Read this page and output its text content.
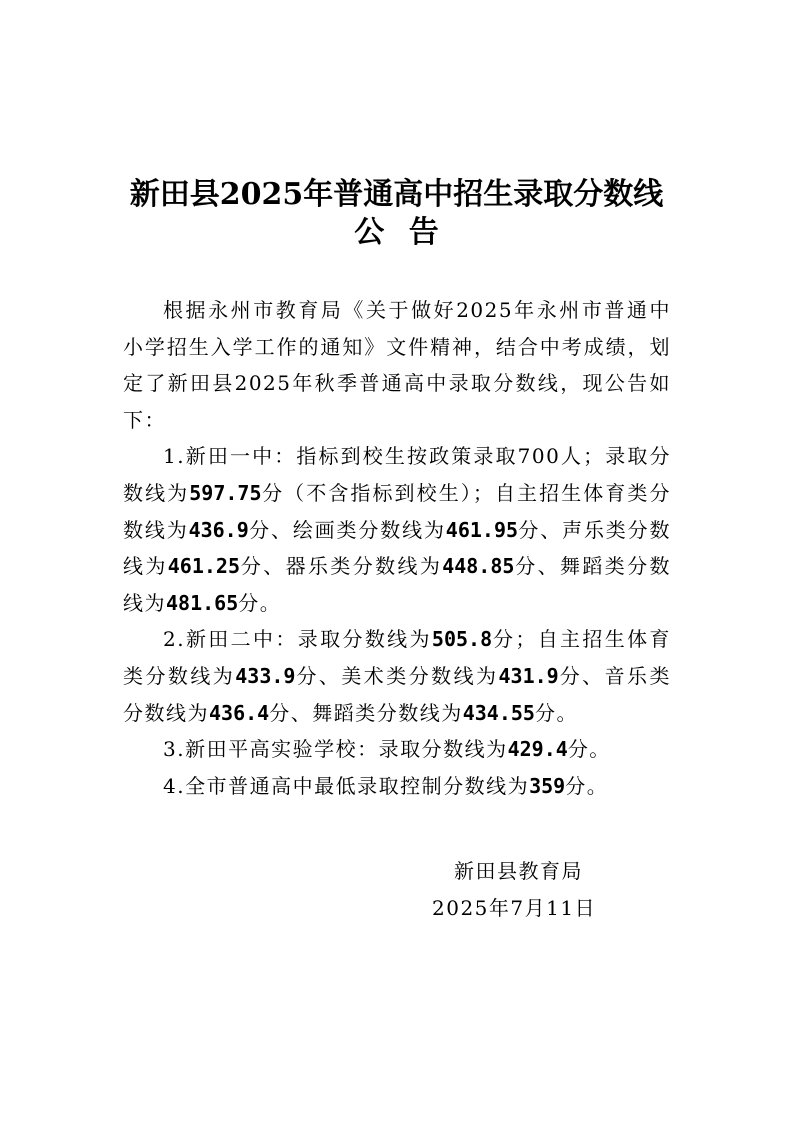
新田县2025年普通高中招生录取分数线
公 告

根据永州市教育局《关于做好2025年永州市普通中小学招生入学工作的通知》文件精神，结合中考成绩，划定了新田县2025年秋季普通高中录取分数线，现公告如下：

1.新田一中：指标到校生按政策录取700人；录取分数线为597.75分（不含指标到校生）；自主招生体育类分数线为436.9分、绘画类分数线为461.95分、声乐类分数线为461.25分、器乐类分数线为448.85分、舞蹈类分数线为481.65分。

2.新田二中：录取分数线为505.8分；自主招生体育类分数线为433.9分、美术类分数线为431.9分、音乐类分数线为436.4分、舞蹈类分数线为434.55分。

3.新田平高实验学校：录取分数线为429.4分。

4.全市普通高中最低录取控制分数线为359分。

新田县教育局
2025年7月11日
